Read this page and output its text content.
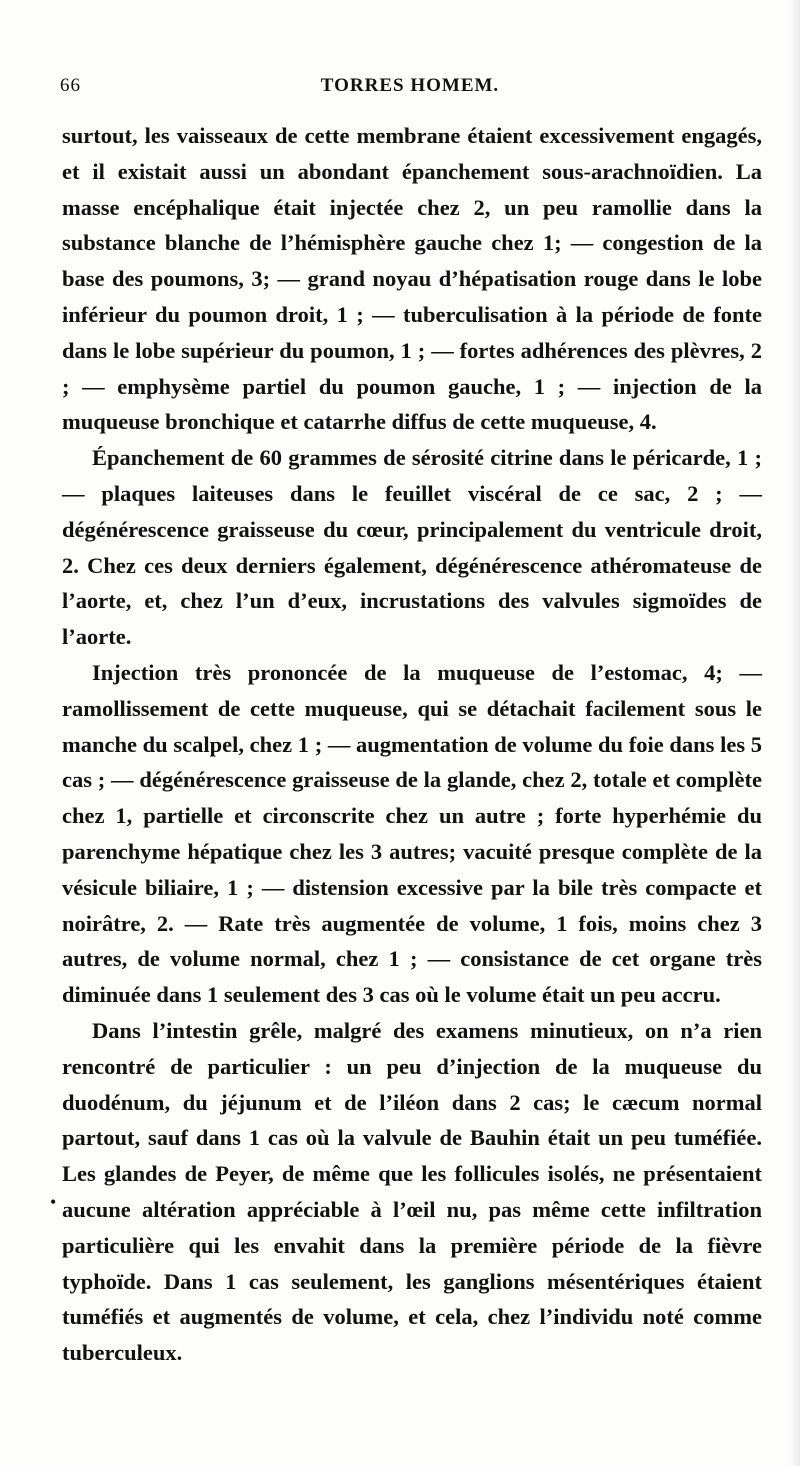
66	TORRES HOMEM.

surtout, les vaisseaux de cette membrane étaient excessivement engagés, et il existait aussi un abondant épanchement sous-arachnoïdien. La masse encéphalique était injectée chez 2, un peu ramollie dans la substance blanche de l’hémisphère gauche chez 1; — congestion de la base des poumons, 3; — grand noyau d’hépatisation rouge dans le lobe inférieur du poumon droit, 1 ; — tuberculisation à la période de fonte dans le lobe supérieur du poumon, 1 ; — fortes adhérences des plèvres, 2 ; — emphysème partiel du poumon gauche, 1 ; — injection de la muqueuse bronchique et catarrhe diffus de cette muqueuse, 4.

Épanchement de 60 grammes de sérosité citrine dans le péricarde, 1 ; — plaques laiteuses dans le feuillet viscéral de ce sac, 2 ; — dégénérescence graisseuse du cœur, principalement du ventricule droit, 2. Chez ces deux derniers également, dégénérescence athéromateuse de l’aorte, et, chez l’un d’eux, incrustations des valvules sigmoïdes de l’aorte.

Injection très prononcée de la muqueuse de l’estomac, 4; — ramollissement de cette muqueuse, qui se détachait facilement sous le manche du scalpel, chez 1 ; — augmentation de volume du foie dans les 5 cas ; — dégénérescence graisseuse de la glande, chez 2, totale et complète chez 1, partielle et circonscrite chez un autre ; forte hyperhémie du parenchyme hépatique chez les 3 autres; vacuité presque complète de la vésicule biliaire, 1 ; — distension excessive par la bile très compacte et noirâtre, 2. — Rate très augmentée de volume, 1 fois, moins chez 3 autres, de volume normal, chez 1 ; — consistance de cet organe très diminuée dans 1 seulement des 3 cas où le volume était un peu accru.

Dans l’intestin grêle, malgré des examens minutieux, on n’a rien rencontré de particulier : un peu d’injection de la muqueuse du duodénum, du jéjunum et de l’iléon dans 2 cas; le cæcum normal partout, sauf dans 1 cas où la valvule de Bauhin était un peu tuméfiée. Les glandes de Peyer, de même que les follicules isolés, ne présentaient aucune altération appréciable à l’œil nu, pas même cette infiltration particulière qui les envahit dans la première période de la fièvre typhoïde. Dans 1 cas seulement, les ganglions mésentériques étaient tuméfiés et augmentés de volume, et cela, chez l’individu noté comme tuberculeux.

•
